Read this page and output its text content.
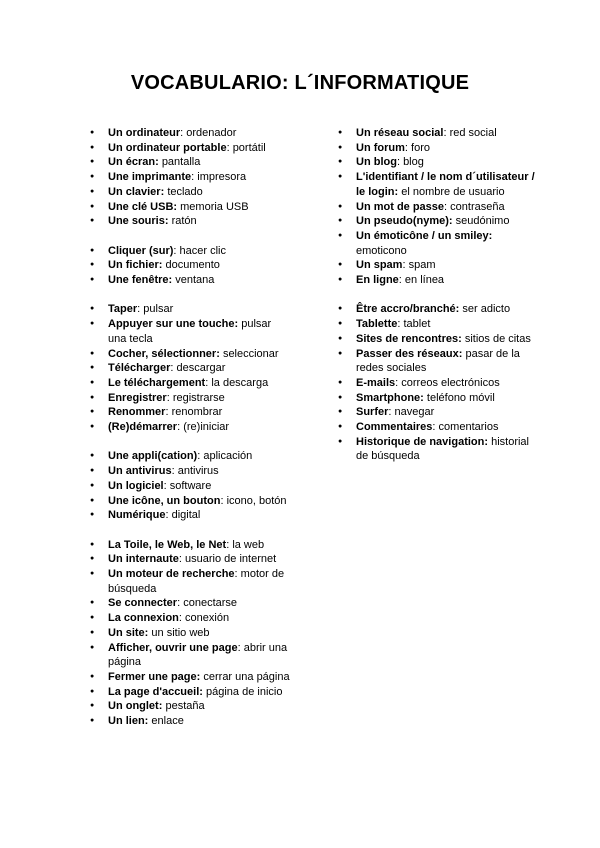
VOCABULARIO: L´INFORMATIQUE
● Un ordinateur: ordenador
● Un ordinateur portable: portátil
● Un écran: pantalla
● Une imprimante: impresora
● Un clavier: teclado
● Une clé USB: memoria USB
● Une souris: ratón
● Cliquer (sur): hacer clic
● Un fichier: documento
● Une fenêtre: ventana
● Taper: pulsar
● Appuyer sur une touche: pulsar una tecla
● Cocher, sélectionner: seleccionar
● Télécharger: descargar
● Le téléchargement: la descarga
● Enregistrer: registrarse
● Renommer: renombrar
● (Re)démarrer: (re)iniciar
● Une appli(cation): aplicación
● Un antivirus: antivirus
● Un logiciel: software
● Une icône, un bouton: icono, botón
● Numérique: digital
● La Toile, le Web, le Net: la web
● Un internaute: usuario de internet
● Un moteur de recherche: motor de búsqueda
● Se connecter: conectarse
● La connexion: conexión
● Un site: un sitio web
● Afficher, ouvrir une page: abrir una página
● Fermer une page: cerrar una página
● La page d'accueil: página de inicio
● Un onglet: pestaña
● Un lien: enlace
● Un réseau social: red social
● Un forum: foro
● Un blog: blog
● L'identifiant / le nom d´utilisateur / le login: el nombre de usuario
● Un mot de passe: contraseña
● Un pseudo(nyme): seudónimo
● Un émoticône / un smiley: emoticono
● Un spam: spam
● En ligne: en línea
● Être accro/branché: ser adicto
● Tablette: tablet
● Sites de rencontres: sitios de citas
● Passer des réseaux: pasar de la redes sociales
● E-mails: correos electrónicos
● Smartphone: teléfono móvil
● Surfer: navegar
● Commentaires: comentarios
● Historique de navigation: historial de búsqueda
